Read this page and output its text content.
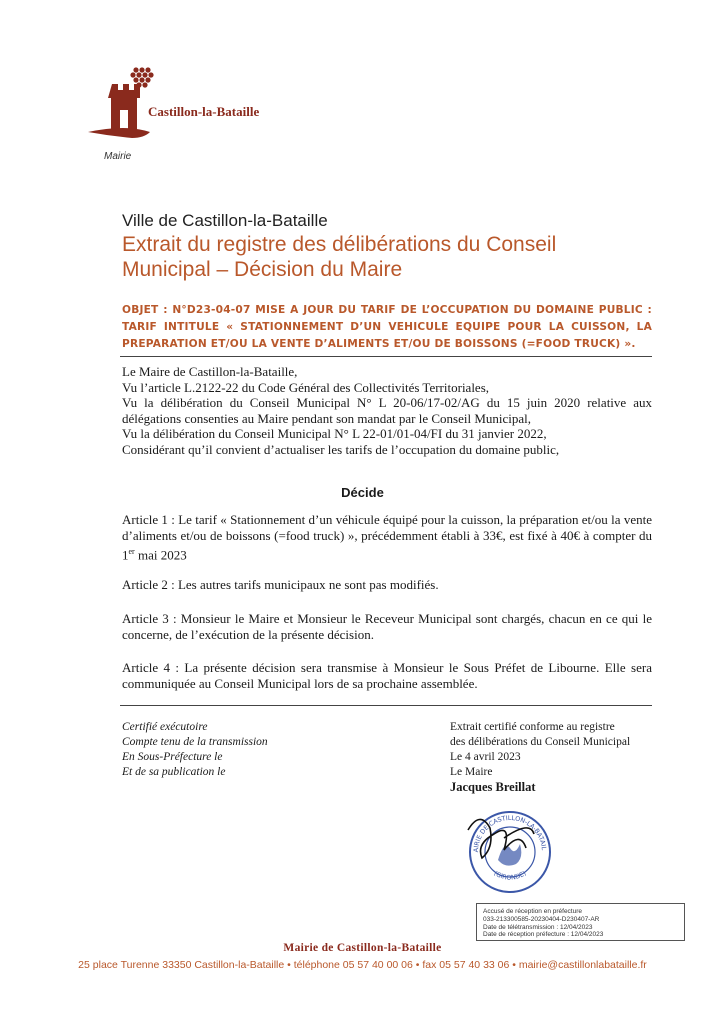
Castillon-la-Bataille
Mairie
Ville de Castillon-la-Bataille
Extrait du registre des délibérations du Conseil
Municipal – Décision du Maire
OBJET : N°D23-04-07 MISE A JOUR DU TARIF DE L’OCCUPATION DU DOMAINE PUBLIC : TARIF INTITULE « STATIONNEMENT D’UN VEHICULE EQUIPE POUR LA CUISSON, LA PREPARATION ET/OU LA VENTE D’ALIMENTS ET/OU DE BOISSONS (=FOOD TRUCK) ».

Le Maire de Castillon-la-Bataille,

Vu l’article L.2122-22 du Code Général des Collectivités Territoriales,

Vu la délibération du Conseil Municipal N° L 20-06/17-02/AG du 15 juin 2020 relative aux délégations consenties au Maire pendant son mandat par le Conseil Municipal,

Vu la délibération du Conseil Municipal N° L 22-01/01-04/FI du 31 janvier 2022,

Considérant qu’il convient d’actualiser les tarifs de l’occupation du domaine public,

Décide
Article 1 : Le tarif « Stationnement d’un véhicule équipé pour la cuisson, la préparation et/ou la vente d’aliments et/ou de boissons (=food truck) », précédemment établi à 33€, est fixé à 40€ à compter du 1er mai 2023
Article 2 : Les autres tarifs municipaux ne sont pas modifiés.
Article 3 : Monsieur le Maire et Monsieur le Receveur Municipal sont chargés, chacun en ce qui le concerne, de l’exécution de la présente décision.
Article 4 : La présente décision sera transmise à Monsieur le Sous Préfet de Libourne. Elle sera communiquée au Conseil Municipal lors de sa prochaine assemblée.
Certifié exécutoire
Compte tenu de la transmission
En Sous-Préfecture le
Et de sa publication le
Extrait certifié conforme au registre
des délibérations du Conseil Municipal
Le 4 avril 2023
Le Maire
Jacques Breillat
AIRIE DE CASTILLON-LA-BATAIL
(GIRONDE)
Accusé de réception en préfecture
033-213300585-20230404-D230407-AR
Date de télétransmission : 12/04/2023
Date de réception préfecture : 12/04/2023
Mairie de Castillon-la-Bataille
25 place Turenne 33350 Castillon-la-Bataille • téléphone 05 57 40 00 06 • fax 05 57 40 33 06 • mairie@castillonlabataille.fr
